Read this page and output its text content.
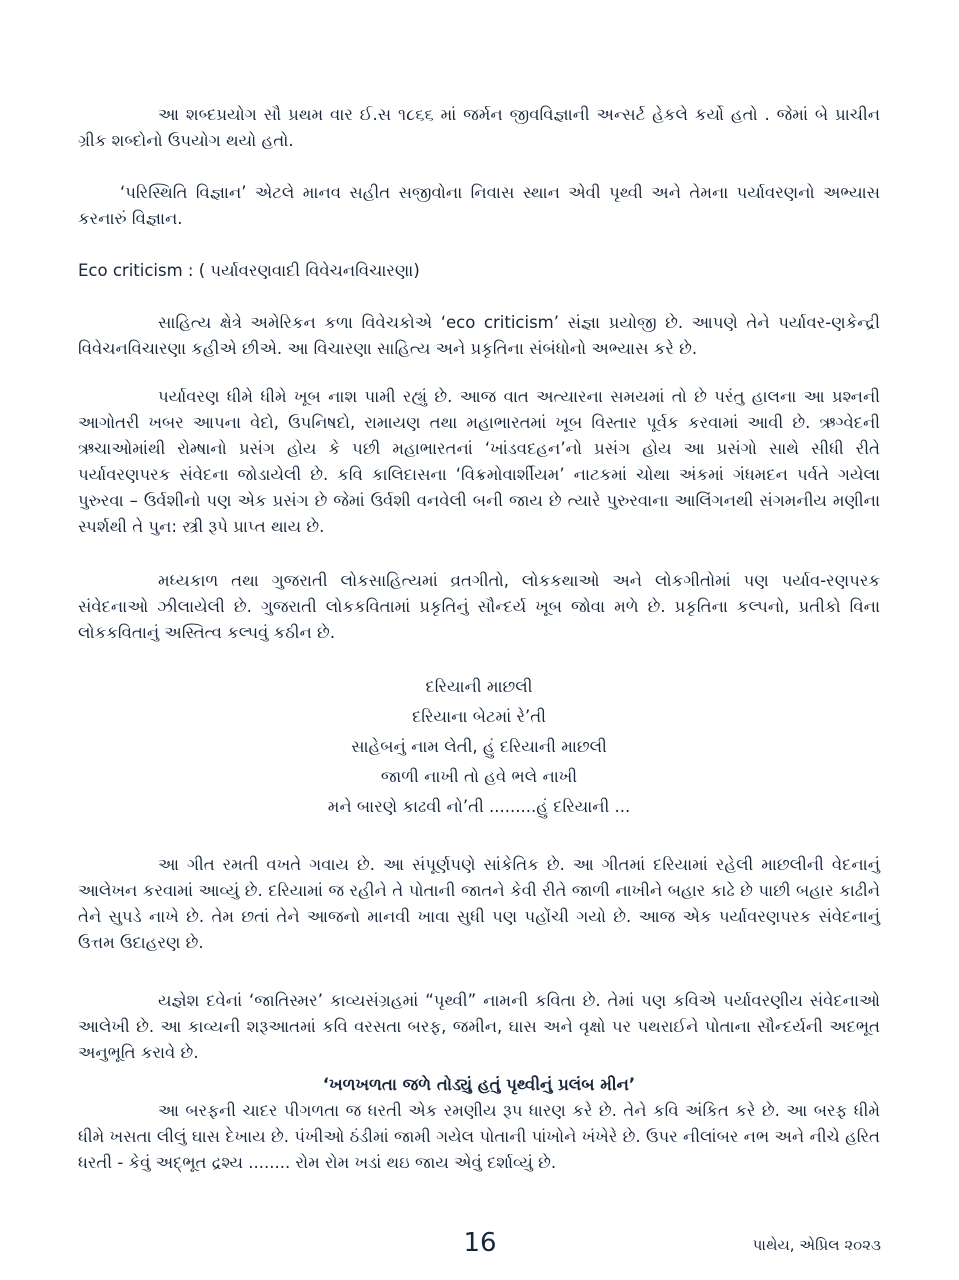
આ શબ્દપ્રયોગ સૌ પ્રથમ વાર ઈ.સ ૧૮૬૬ માં જર્મન જીવવિજ્ઞાની અન્સર્ટ હેકલે કર્યો હતો . જેમાં બે પ્રાચીન ગ્રીક શબ્દોનો ઉપયોગ થયો હતો.

‘પરિસ્થિતિ વિજ્ઞાન’ એટલે માનવ સહીત સજીવોના નિવાસ સ્થાન એવી પૃથ્વી અને તેમના પર્યાવરણનો અભ્યાસ કરનારું વિજ્ઞાન.

Eco criticism : ( પર્યાવરણવાદી વિવેચનવિચારણા)

સાહિત્ય ક્ષેત્રે અમેરિકન કળા વિવેચકોએ ‘eco criticism’ સંજ્ઞા પ્રયોજી છે. આપણે તેને પર્યાવર-ણકેન્દ્રી વિવેચનવિચારણા કહીએ છીએ. આ વિચારણા સાહિત્ય અને પ્રકૃતિના સંબંધોનો અભ્યાસ કરે છે.

પર્યાવરણ ધીમે ધીમે ખૂબ નાશ પામી રહ્યું છે. આજ વાત અત્યારના સમયમાં તો છે પરંતુ હાલના આ પ્રશ્નની આગોતરી ખબર આપના વેદો, ઉપનિષદો, રામાયણ તથા મહાભારતમાં ખૂબ વિસ્તાર પૂર્વક કરવામાં આવી છે. ઋગ્વેદની ઋચાઓમાંથી રોમ્ષાનો પ્રસંગ હોય કે પછી મહાભારતનાં ‘ખાંડવદહન’નો પ્રસંગ હોય આ પ્રસંગો સાથે સીધી રીતે પર્યાવરણપરક સંવેદના જોડાયેલી છે. કવિ કાલિદાસના ‘વિક્રમોવાર્શીયમ’ નાટકમાં ચોથા અંકમાં ગંધમદન પર્વતે ગયેલા પુરુરવા – ઉર્વશીનો પણ એક પ્રસંગ છે જેમાં ઉર્વશી વનવેલી બની જાય છે ત્યારે પુરુરવાના આલિંગનથી સંગમનીય મણીના સ્પર્શથી તે પુન: સ્ત્રી રૂપે પ્રાપ્ત થાય છે.

મધ્યકાળ તથા ગુજરાતી લોકસાહિત્યમાં વ્રતગીતો, લોકકથાઓ અને લોકગીતોમાં પણ પર્યાવ-રણપરક સંવેદનાઓ ઝીલાયેલી છે. ગુજરાતી લોકકવિતામાં પ્રકૃતિનું સૌન્દર્ય ખૂબ જોવા મળે છે. પ્રકૃતિના કલ્પનો, પ્રતીકો વિના લોકકવિતાનું અસ્તિત્વ કલ્પવું કઠીન છે.

દરિયાની માછલી
દરિયાના બેટમાં રે’તી
સાહેબનું નામ લેતી, હું દરિયાની માછલી
જાળી નાખી તો હવે ભલે નાખી
મને બારણે કાઢવી નો’તી .........હું દરિયાની ...

આ ગીત રમતી વખતે ગવાય છે. આ સંપૂર્ણપણે સાંકેતિક છે. આ ગીતમાં દરિયામાં રહેલી માછલીની વેદનાનું આલેખન કરવામાં આવ્યું છે. દરિયામાં જ રહીને તે પોતાની જાતને કેવી રીતે જાળી નાખીને બહાર કાઢે છે પાછી બહાર કાઢીને તેને સુપડે નાખે છે. તેમ છતાં તેને આજનો માનવી ખાવા સુધી પણ પહોંચી ગયો છે. આજ એક પર્યાવરણપરક સંવેદનાનું ઉત્તમ ઉદાહરણ છે.

યજ્ઞેશ દવેનાં ‘જાતિસ્મર’ કાવ્યસંગ્રહમાં “પૃથ્વી” નામની કવિતા છે. તેમાં પણ કવિએ પર્યાવરણીય સંવેદનાઓ આલેખી છે. આ કાવ્યની શરૂઆતમાં કવિ વરસતા બરફ, જમીન, ઘાસ અને વૃક્ષો પર પથરાઈને પોતાના સૌન્દર્યની અદભૂત અનુભૂતિ કરાવે છે.

‘ખળખળતા જળે તોડ્યું હતું પૃથ્વીનું પ્રલંબ મીન’

આ બરફની ચાદર પીગળતા જ ધરતી એક રમણીય રૂપ ધારણ કરે છે. તેને કવિ અંકિત કરે છે. આ બરફ ધીમે ધીમે ખસતા લીલું ઘાસ દેખાય છે. પંખીઓ ઠંડીમાં જામી ગયેલ પોતાની પાંખોને ખંખેરે છે. ઉપર નીલાંબર નભ અને નીચે હરિત ધરતી - કેવું અદ્ભૂત દ્રશ્ય ........ રોમ રોમ ખડાં થઇ જાય એવું દર્શાવ્યું છે.

16	પાથેય, એપ્રિલ ૨૦૨૩
